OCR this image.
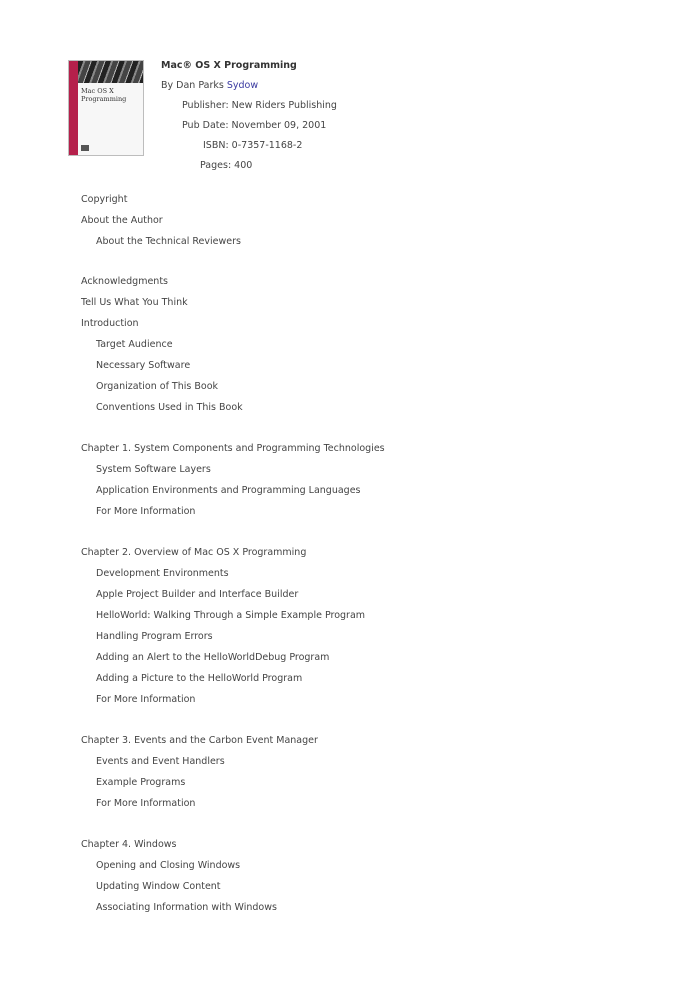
Mac OS X
Programming
Mac® OS X Programming
By Dan Parks Sydow
Publisher: New Riders Publishing
Pub Date: November 09, 2001
ISBN: 0-7357-1168-2
Pages: 400
Copyright
About the Author
About the Technical Reviewers
Acknowledgments
Tell Us What You Think
Introduction
Target Audience
Necessary Software
Organization of This Book
Conventions Used in This Book
Chapter 1. System Components and Programming Technologies
System Software Layers
Application Environments and Programming Languages
For More Information
Chapter 2. Overview of Mac OS X Programming
Development Environments
Apple Project Builder and Interface Builder
HelloWorld: Walking Through a Simple Example Program
Handling Program Errors
Adding an Alert to the HelloWorldDebug Program
Adding a Picture to the HelloWorld Program
For More Information
Chapter 3. Events and the Carbon Event Manager
Events and Event Handlers
Example Programs
For More Information
Chapter 4. Windows
Opening and Closing Windows
Updating Window Content
Associating Information with Windows
